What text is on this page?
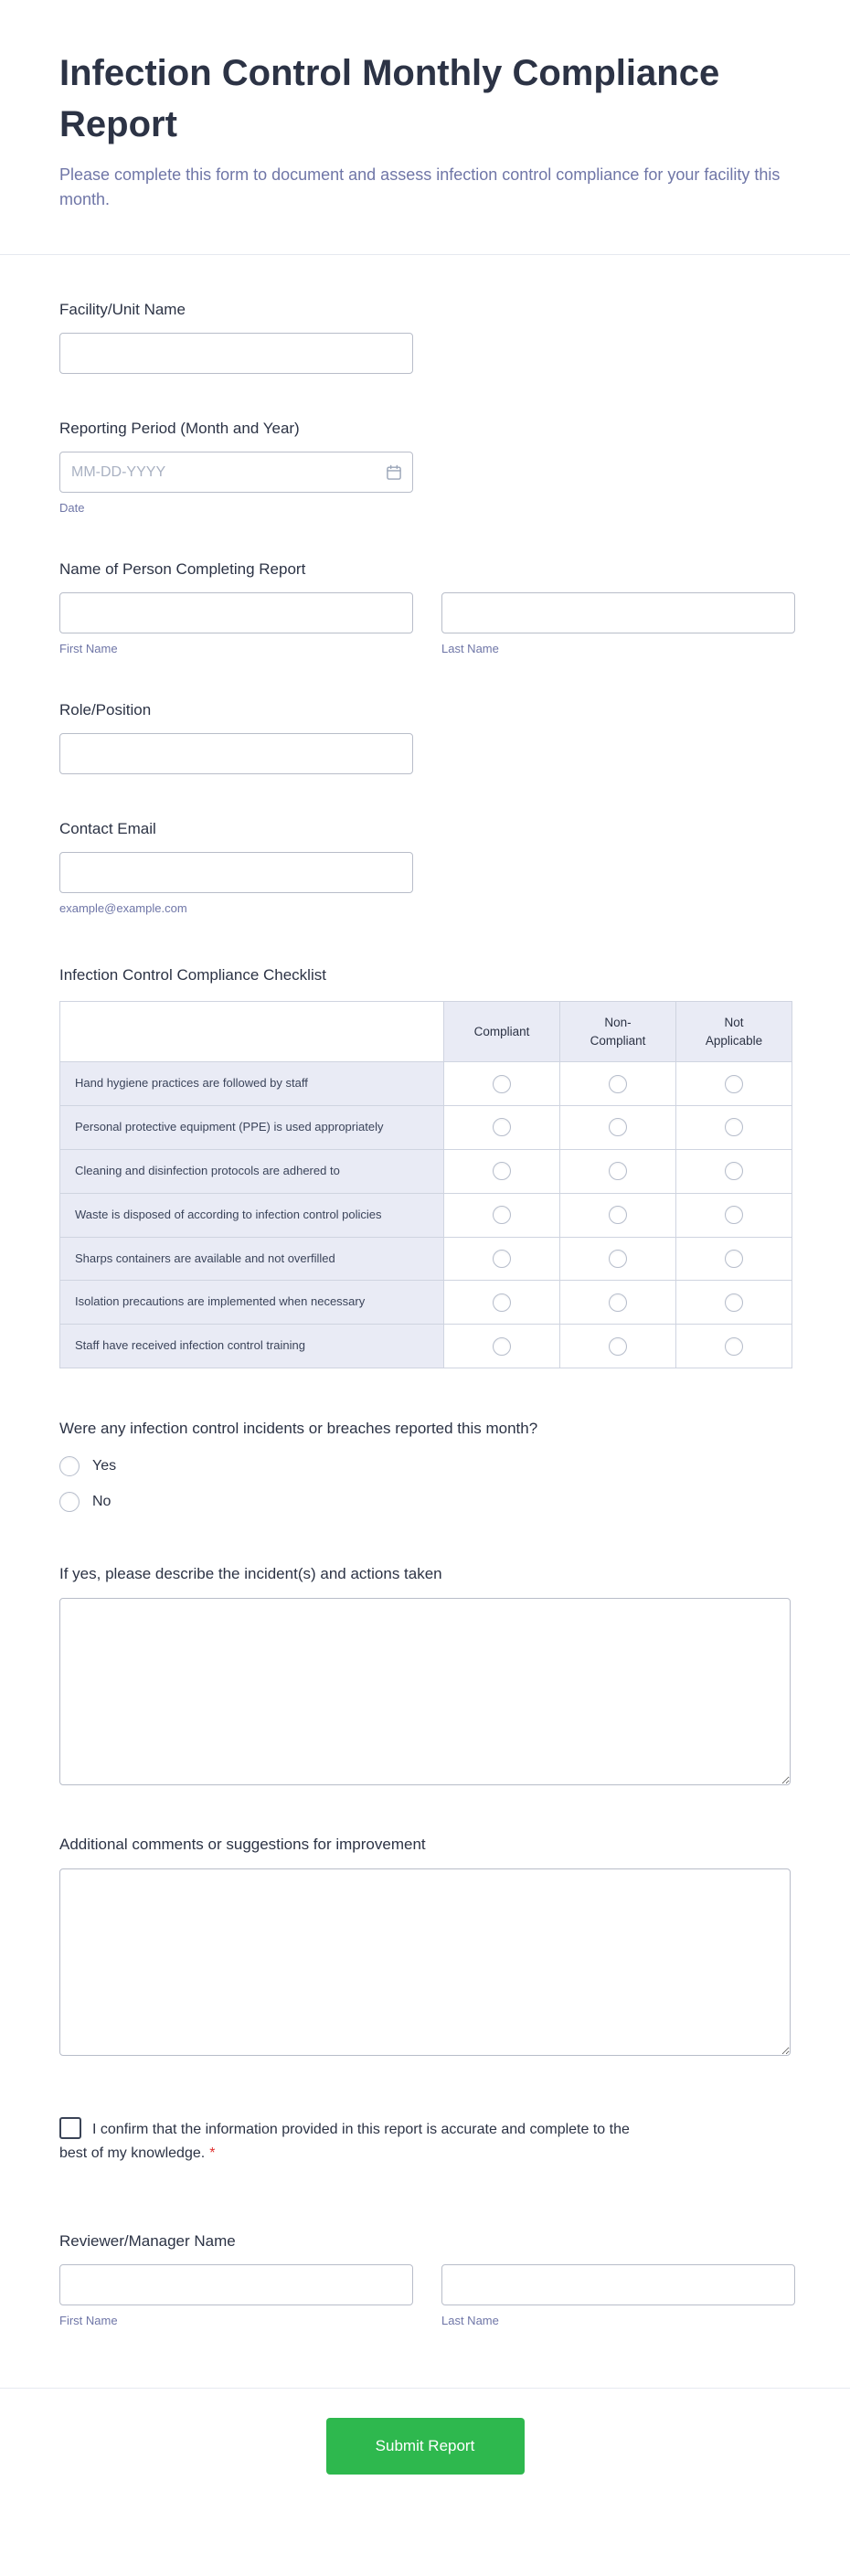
Infection Control Monthly Compliance Report

Please complete this form to document and assess infection control compliance for your facility this month.

Facility/Unit Name
Reporting Period (Month and Year)
MM-DD-YYYY
Date
Name of Person Completing Report
First Name	Last Name
Role/Position
Contact Email
example@example.com
Infection Control Compliance Checklist
	Compliant	Non-Compliant	Not Applicable
Hand hygiene practices are followed by staff			
Personal protective equipment (PPE) is used appropriately			
Cleaning and disinfection protocols are adhered to			
Waste is disposed of according to infection control policies			
Sharps containers are available and not overfilled			
Isolation precautions are implemented when necessary			
Staff have received infection control training			
Were any infection control incidents or breaches reported this month?
Yes
No
If yes, please describe the incident(s) and actions taken
Additional comments or suggestions for improvement
I confirm that the information provided in this report is accurate and complete to the best of my knowledge. *
Reviewer/Manager Name
First Name	Last Name
Submit Report
